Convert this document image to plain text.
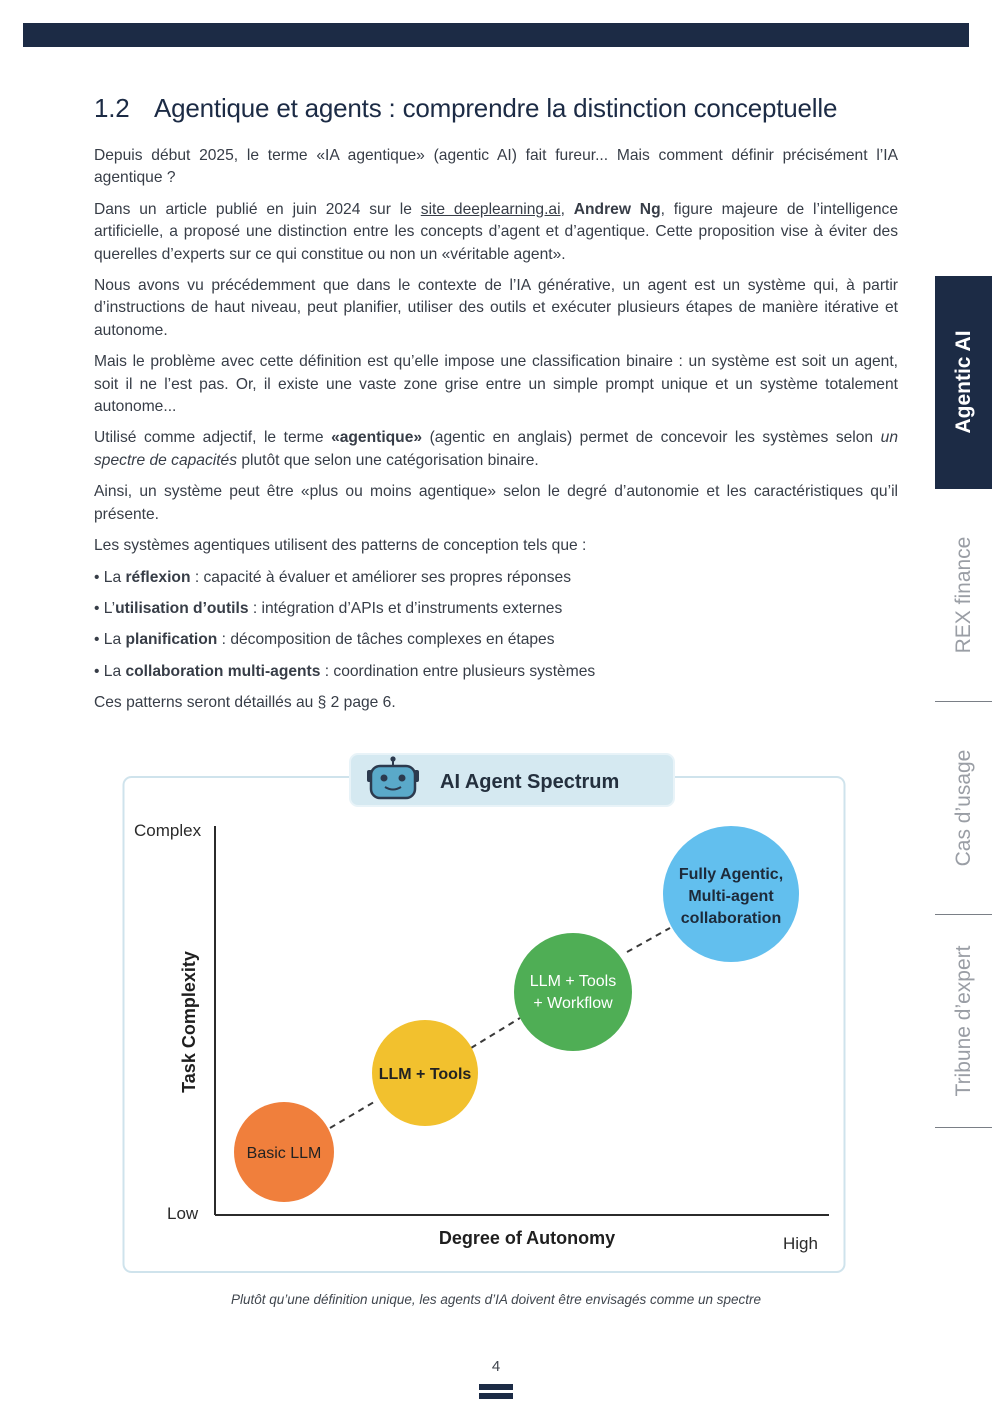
1.2 Agentique et agents : comprendre la distinction conceptuelle

Depuis début 2025, le terme «IA agentique» (agentic AI) fait fureur... Mais comment définir précisément l’IA agentique ?

Dans un article publié en juin 2024 sur le site deeplearning.ai, Andrew Ng, figure majeure de l’intelligence artificielle, a proposé une distinction entre les concepts d’agent et d’agentique. Cette proposition vise à éviter des querelles d’experts sur ce qui constitue ou non un «véritable agent».

Nous avons vu précédemment que dans le contexte de l’IA générative, un agent est un système qui, à partir d’instructions de haut niveau, peut planifier, utiliser des outils et exécuter plusieurs étapes de manière itérative et autonome.

Mais le problème avec cette définition est qu’elle impose une classification binaire : un système est soit un agent, soit il ne l’est pas. Or, il existe une vaste zone grise entre un simple prompt unique et un système totalement autonome...

Utilisé comme adjectif, le terme «agentique» (agentic en anglais) permet de concevoir les systèmes selon un spectre de capacités plutôt que selon une catégorisation binaire.

Ainsi, un système peut être «plus ou moins agentique» selon le degré d’autonomie et les caractéristiques qu’il présente.

Les systèmes agentiques utilisent des patterns de conception tels que :

• La réflexion : capacité à évaluer et améliorer ses propres réponses

• L’utilisation d’outils : intégration d’APIs et d’instruments externes

• La planification : décomposition de tâches complexes en étapes

• La collaboration multi-agents : coordination entre plusieurs systèmes

Ces patterns seront détaillés au § 2 page 6.

Agentic AI
REX finance
Cas d’usage
Tribune d’expert
AI Agent Spectrum
Complex
Low
Task Complexity
Degree of Autonomy	High
Basic LLM
LLM + Tools
LLM + Tools
+ Workflow
Fully Agentic,
Multi-agent
collaboration
Plutôt qu’une définition unique, les agents d’IA doivent être envisagés comme un spectre
4
